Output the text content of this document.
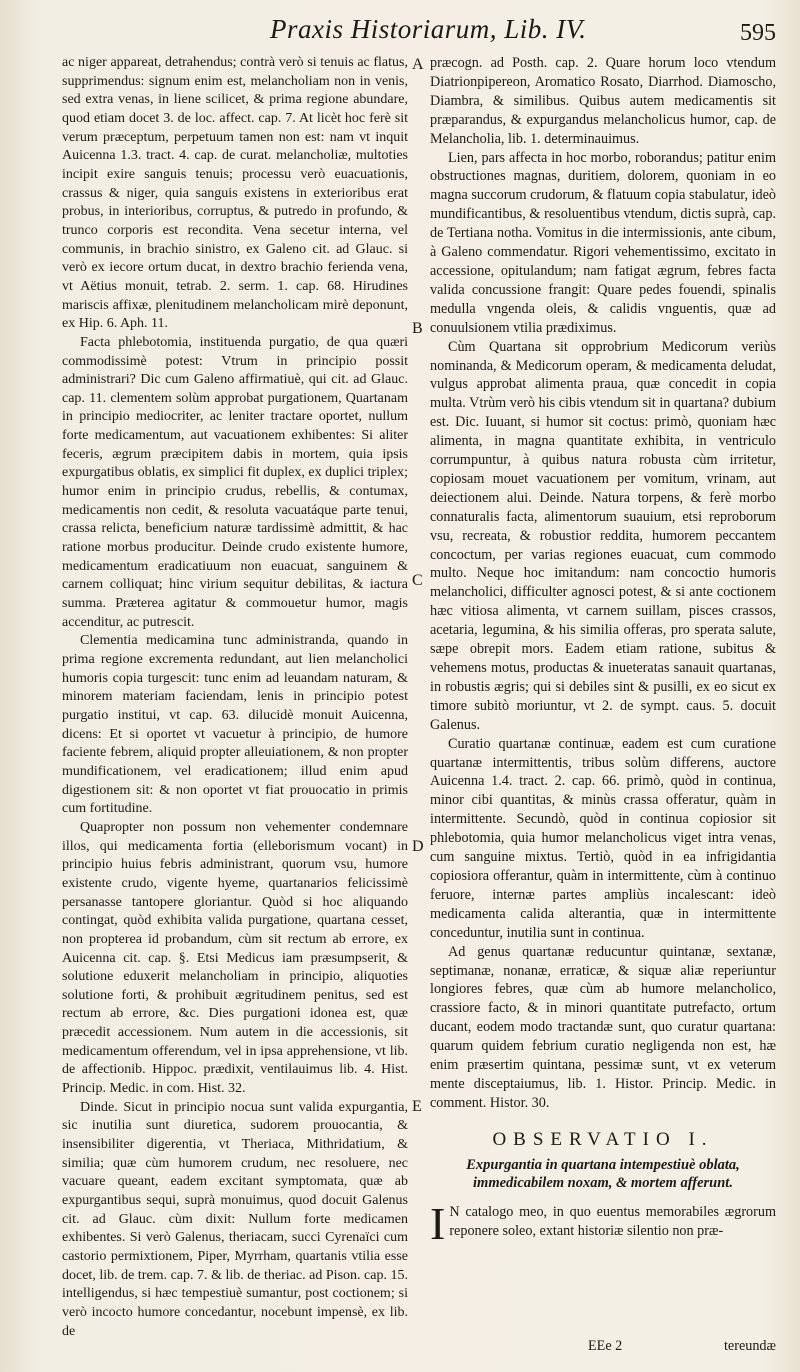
Praxis Historiarum, Lib. IV.	595
A
B
C
D
E

ac niger appareat, detrahendus; contrà verò si tenuis ac flatus, supprimendus: signum enim est, melancholiam non in venis, sed extra venas, in liene scilicet, & prima regione abundare, quod etiam docet 3. de loc. affect. cap. 7. At licèt hoc ferè sit verum præceptum, perpetuum tamen non est: nam vt inquit Auicenna 1.3. tract. 4. cap. de curat. melancholiæ, multoties incipit exire sanguis tenuis; processu verò euacuationis, crassus & niger, quia sanguis existens in exterioribus erat probus, in interioribus, corruptus, & putredo in profundo, & trunco corporis est recondita. Vena secetur interna, vel communis, in brachio sinistro, ex Galeno cit. ad Glauc. si verò ex iecore ortum ducat, in dextro brachio ferienda vena, vt Aëtius monuit, tetrab. 2. serm. 1. cap. 68. Hirudines mariscis affixæ, plenitudinem melancholicam mirè deponunt, ex Hip. 6. Aph. 11.

Facta phlebotomia, instituenda purgatio, de qua quæri commodissimè potest: Vtrum in principio possit administrari? Dic cum Galeno affirmatiuè, qui cit. ad Glauc. cap. 11. clementem solùm approbat purgationem, Quartanam in principio mediocriter, ac leniter tractare oportet, nullum forte medicamentum, aut vacuationem exhibentes: Si aliter feceris, ægrum præcipitem dabis in mortem, quia ipsis expurgatibus oblatis, ex simplici fit duplex, ex duplici triplex; humor enim in principio crudus, rebellis, & contumax, medicamentis non cedit, & resoluta vacuatáque parte tenui, crassa relicta, beneficium naturæ tardissimè admittit, & hac ratione morbus producitur. Deinde crudo existente humore, medicamentum eradicatiuum non euacuat, sanguinem & carnem colliquat; hinc virium sequitur debilitas, & iactura summa. Præterea agitatur & commouetur humor, magis accenditur, ac putrescit.

Clementia medicamina tunc administranda, quando in prima regione excrementa redundant, aut lien melancholici humoris copia turgescit: tunc enim ad leuandam naturam, & minorem materiam faciendam, lenis in principio potest purgatio institui, vt cap. 63. dilucidè monuit Auicenna, dicens: Et si oportet vt vacuetur à principio, de humore faciente febrem, aliquid propter alleuiationem, & non propter mundificationem, vel eradicationem; illud enim apud digestionem sit: & non oportet vt fiat prouocatio in primis cum fortitudine.

Quapropter non possum non vehementer condemnare illos, qui medicamenta fortia (elleborismum vocant) in principio huius febris administrant, quorum vsu, humore existente crudo, vigente hyeme, quartanarios felicissimè persanasse tantopere gloriantur. Quòd si hoc aliquando contingat, quòd exhibita valida purgatione, quartana cesset, non propterea id probandum, cùm sit rectum ab errore, ex Auicenna cit. cap. §. Etsi Medicus iam præsumpserit, & solutione eduxerit melancholiam in principio, aliquoties solutione forti, & prohibuit ægritudinem penitus, sed est rectum ab errore, &c. Dies purgationi idonea est, quæ præcedit accessionem. Num autem in die accessionis, sit medicamentum offerendum, vel in ipsa apprehensione, vt lib. de affectionib. Hippoc. prædixit, ventilauimus lib. 4. Hist. Princip. Medic. in com. Hist. 32.

Dinde. Sicut in principio nocua sunt valida expurgantia, sic inutilia sunt diuretica, sudorem prouocantia, & insensibiliter digerentia, vt Theriaca, Mithridatium, & similia; quæ cùm humorem crudum, nec resoluere, nec vacuare queant, eadem excitant symptomata, quæ ab expurgantibus sequi, suprà monuimus, quod docuit Galenus cit. ad Glauc. cùm dixit: Nullum forte medicamen exhibentes. Si verò Galenus, theriacam, succi Cyrenaïci cum castorio permixtionem, Piper, Myrrham, quartanis vtilia esse docet, lib. de trem. cap. 7. & lib. de theriac. ad Pison. cap. 15. intelligendus, si hæc tempestiuè sumantur, post coctionem; si verò incocto humore concedantur, nocebunt impensè, ex lib. de

præcogn. ad Posth. cap. 2. Quare horum loco vtendum Diatrionpipereon, Aromatico Rosato, Diarrhod. Diamoscho, Diambra, & similibus. Quibus autem medicamentis sit præparandus, & expurgandus melancholicus humor, cap. de Melancholia, lib. 1. determinauimus.

Lien, pars affecta in hoc morbo, roborandus; patitur enim obstructiones magnas, duritiem, dolorem, quoniam in eo magna succorum crudorum, & flatuum copia stabulatur, ideò mundificantibus, & resoluentibus vtendum, dictis suprà, cap. de Tertiana notha. Vomitus in die intermissionis, ante cibum, à Galeno commendatur. Rigori vehementissimo, excitato in accessione, opitulandum; nam fatigat ægrum, febres facta valida concussione frangit: Quare pedes fouendi, spinalis medulla vngenda oleis, & calidis vnguentis, quæ ad conuulsionem vtilia prædiximus.

Cùm Quartana sit opprobrium Medicorum veriùs nominanda, & Medicorum operam, & medicamenta deludat, vulgus approbat alimenta praua, quæ concedit in copia multa. Vtrùm verò his cibis vtendum sit in quartana? dubium est. Dic. Iuuant, si humor sit coctus: primò, quoniam hæc alimenta, in magna quantitate exhibita, in ventriculo corrumpuntur, à quibus natura robusta cùm irritetur, copiosam mouet vacuationem per vomitum, vrinam, aut deiectionem alui. Deinde. Natura torpens, & ferè morbo connaturalis facta, alimentorum suauium, etsi reproborum vsu, recreata, & robustior reddita, humorem peccantem concoctum, per varias regiones euacuat, cum commodo multo. Neque hoc imitandum: nam concoctio humoris melancholici, difficulter agnosci potest, & si ante coctionem hæc vitiosa alimenta, vt carnem suillam, pisces crassos, acetaria, legumina, & his similia offeras, pro sperata salute, sæpe obrepit mors. Eadem etiam ratione, subitus & vehemens motus, productas & inueteratas sanauit quartanas, in robustis ægris; qui si debiles sint & pusilli, ex eo sicut ex timore subitò moriuntur, vt 2. de sympt. caus. 5. docuit Galenus.

Curatio quartanæ continuæ, eadem est cum curatione quartanæ intermittentis, tribus solùm differens, auctore Auicenna 1.4. tract. 2. cap. 66. primò, quòd in continua, minor cibi quantitas, & minùs crassa offeratur, quàm in intermittente. Secundò, quòd in continua copiosior sit phlebotomia, quia humor melancholicus viget intra venas, cum sanguine mixtus. Tertiò, quòd in ea infrigidantia copiosiora offerantur, quàm in intermittente, cùm à continuo feruore, internæ partes ampliùs incalescant: ideò medicamenta calida alterantia, quæ in intermittente conceduntur, inutilia sunt in continua.

Ad genus quartanæ reducuntur quintanæ, sextanæ, septimanæ, nonanæ, erraticæ, & siquæ aliæ reperiuntur longiores febres, quæ cùm ab humore melancholico, crassiore facto, & in minori quantitate putrefacto, ortum ducant, eodem modo tractandæ sunt, quo curatur quartana: quarum quidem febrium curatio negligenda non est, hæ enim præsertim quintana, pessimæ sunt, vt ex veterum mente disceptaiumus, lib. 1. Histor. Princip. Medic. in comment. Histor. 30.

OBSERVATIO I.
Expurgantia in quartana intempestiuè oblata, immedicabilem noxam, & mortem afferunt.

I N catalogo meo, in quo euentus memorabiles ægrorum reponere soleo, extant historiæ silentio non præ-

EEe 2	tereundæ
